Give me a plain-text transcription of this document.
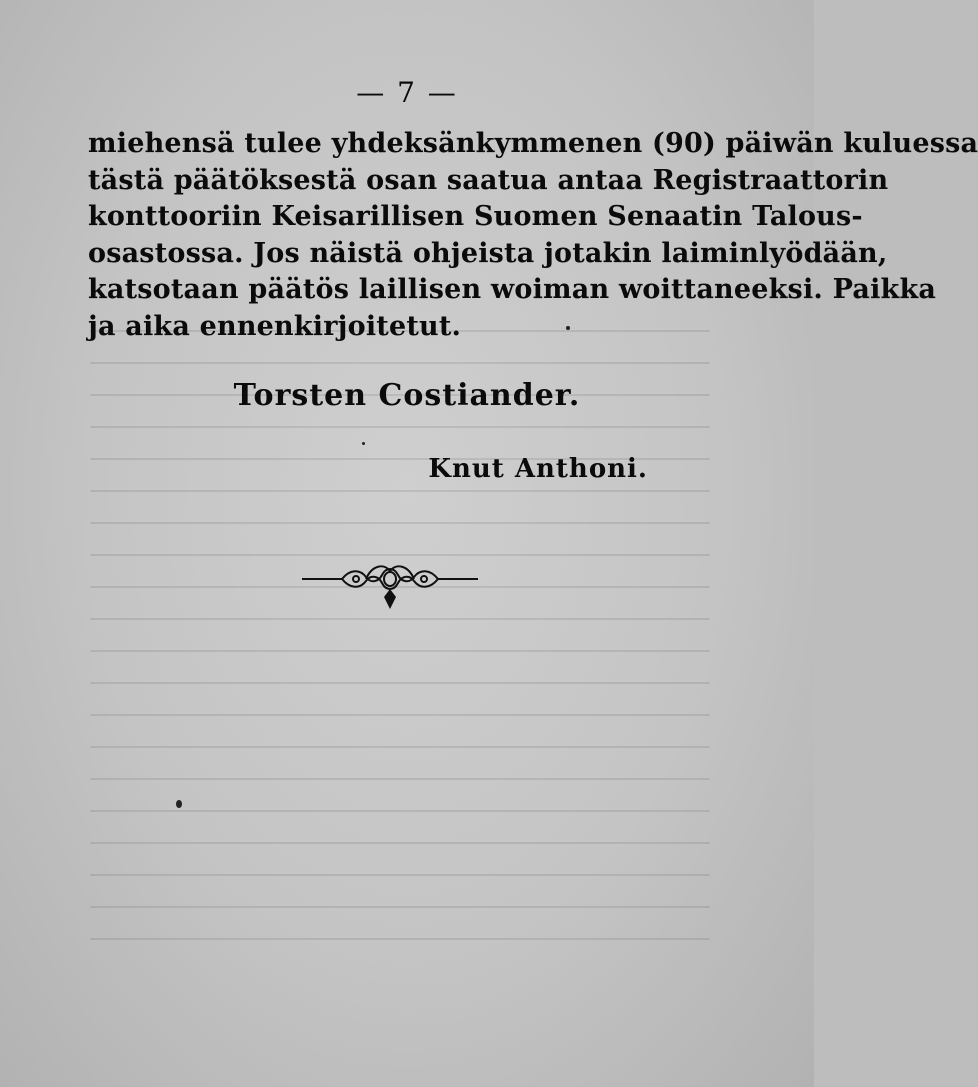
— 7 —
miehensä tulee yhdeksänkymmenen (90) päiwän kuluessa
tästä päätöksestä osan saatua antaa Registraattorin
konttooriin Keisarillisen Suomen Senaatin Talous-
osastossa. Jos näistä ohjeista jotakin laiminlyödään,
katsotaan päätös laillisen woiman woittaneeksi. Paikka
ja aika ennenkirjoitetut.
Torsten Costiander.
Knut Anthoni.
